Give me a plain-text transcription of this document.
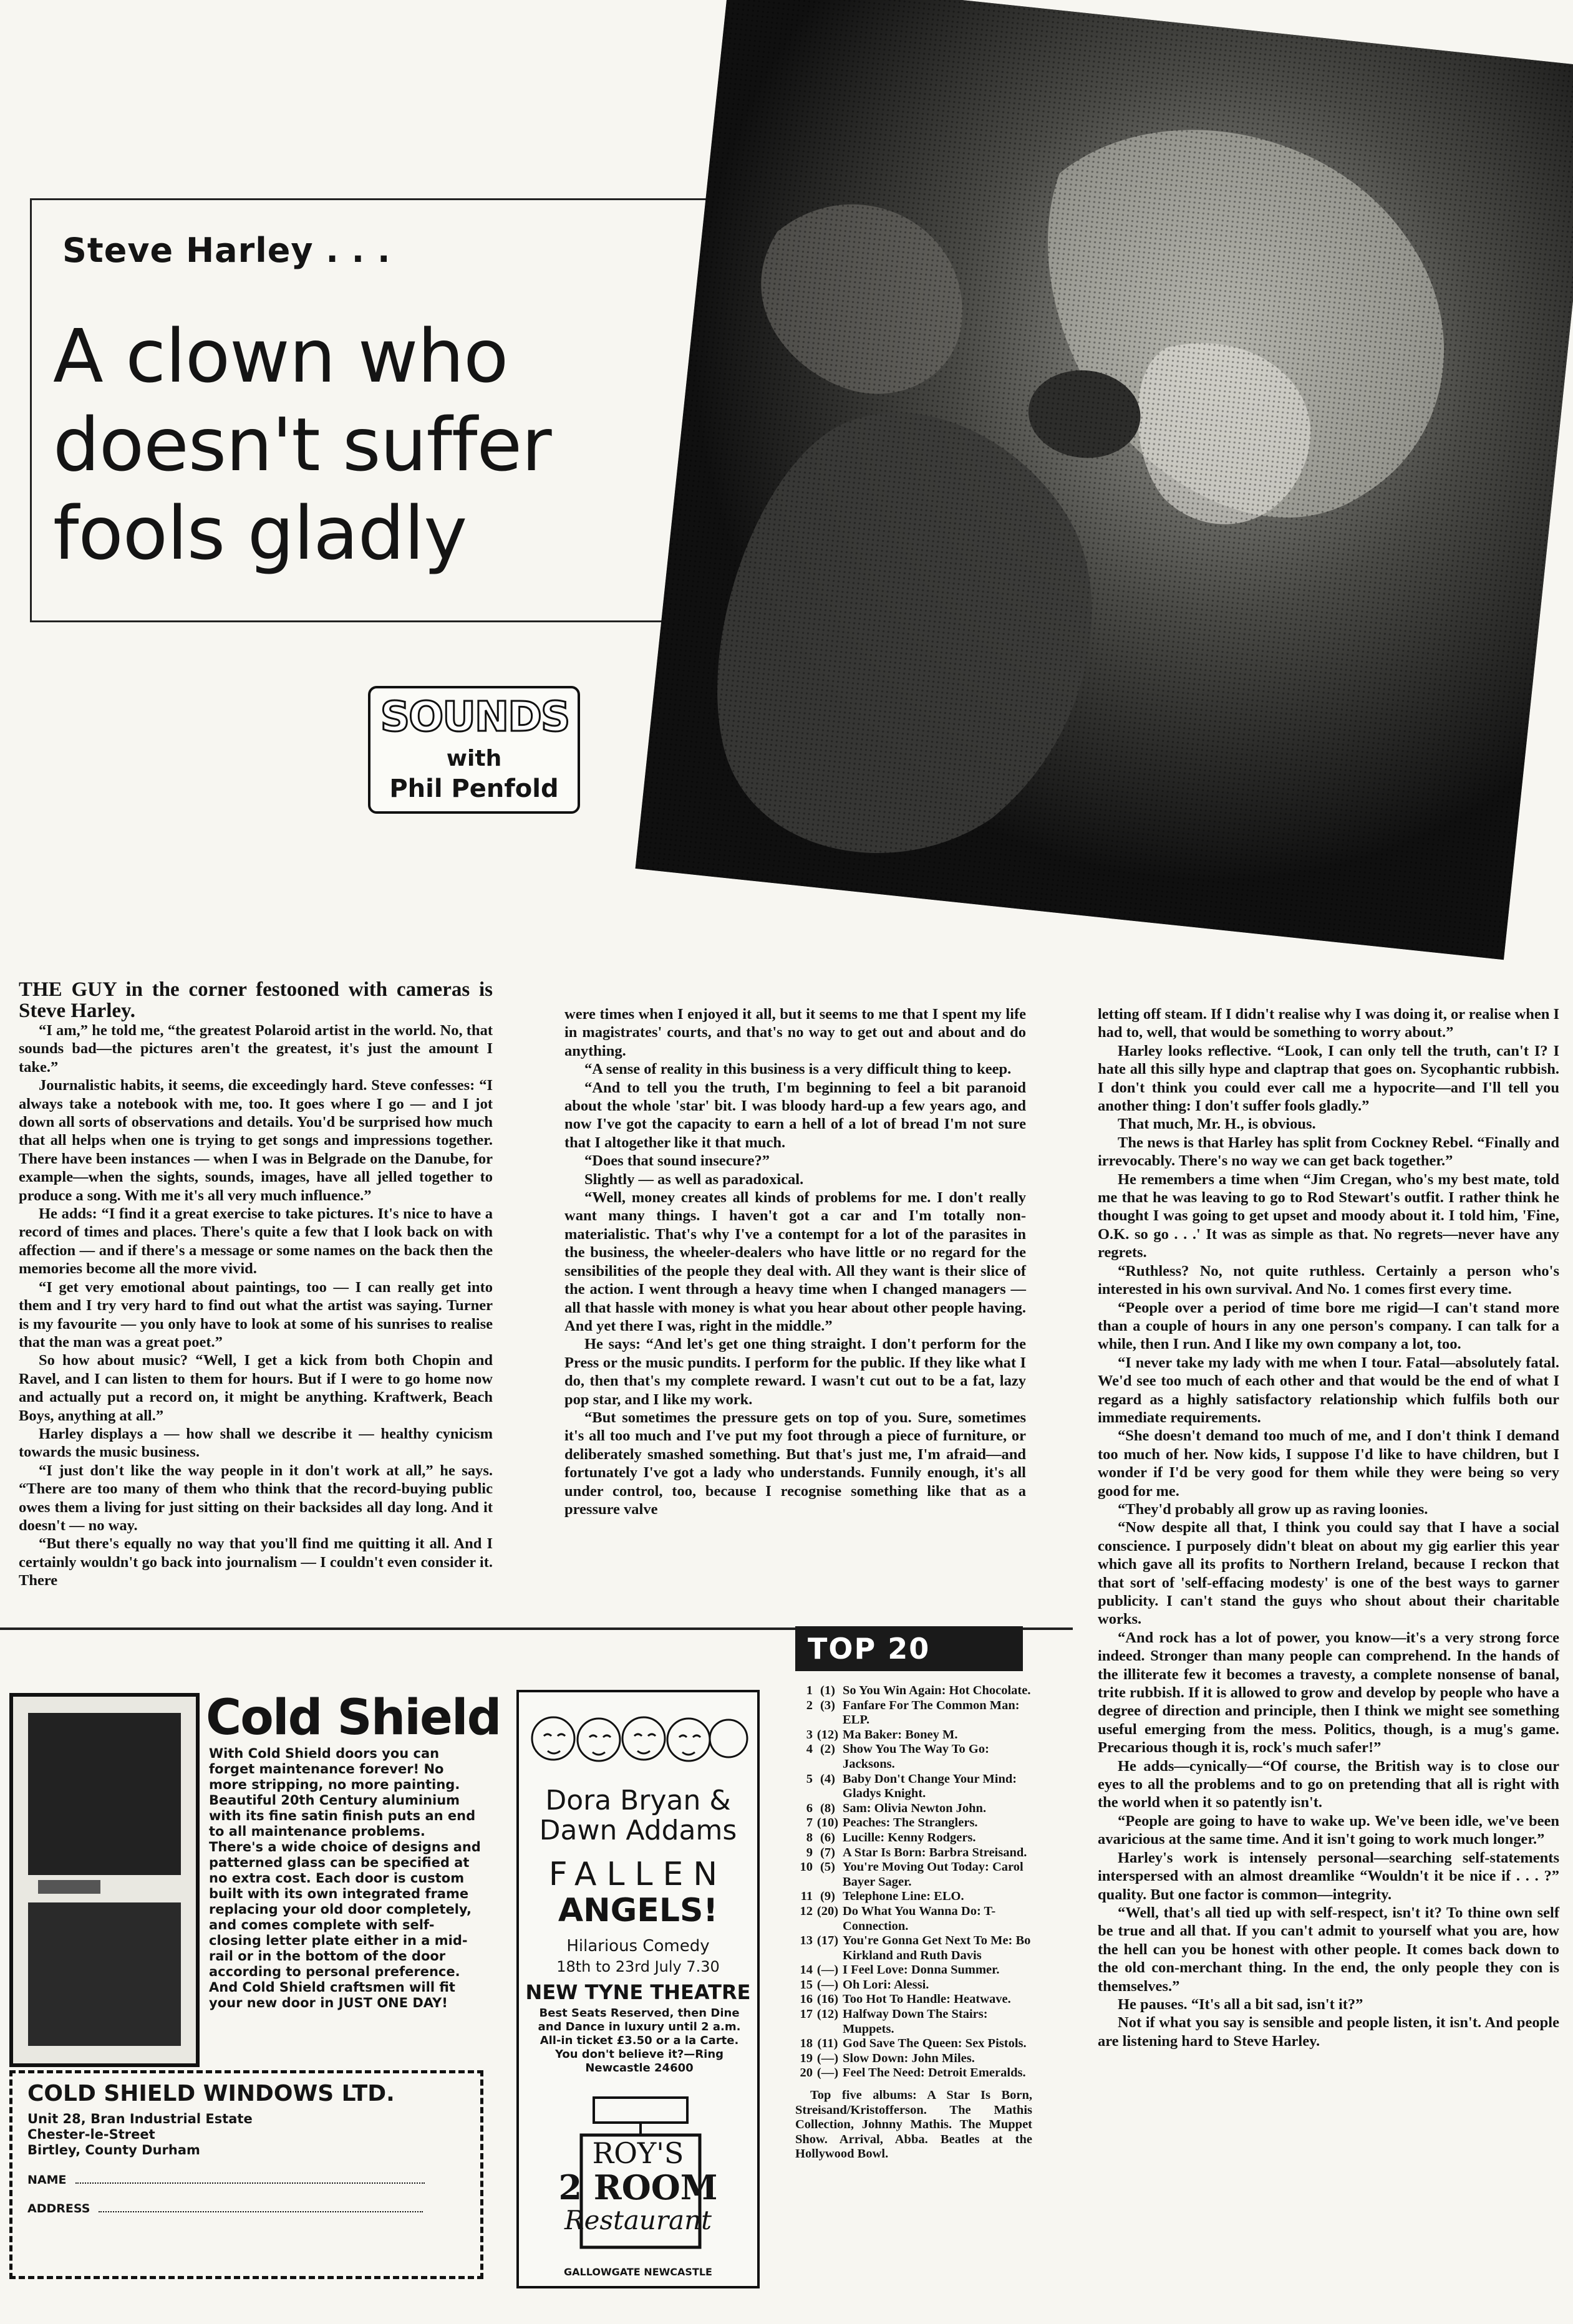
Steve Harley . . .
A clown who
doesn't suffer
fools gladly
SOUNDS
with
Phil Penfold
THE GUY in the corner festooned with cameras is Steve Harley.

“I am,” he told me, “the greatest Polaroid artist in the world. No, that sounds bad—the pictures aren't the greatest, it's just the amount I take.”

Journalistic habits, it seems, die exceedingly hard. Steve confesses: “I always take a notebook with me, too. It goes where I go — and I jot down all sorts of observations and details. You'd be surprised how much that all helps when one is trying to get songs and impressions together. There have been instances — when I was in Belgrade on the Danube, for example—when the sights, sounds, images, have all jelled together to produce a song. With me it's all very much influence.”

He adds: “I find it a great exercise to take pictures. It's nice to have a record of times and places. There's quite a few that I look back on with affection — and if there's a message or some names on the back then the memories become all the more vivid.

“I get very emotional about paintings, too — I can really get into them and I try very hard to find out what the artist was saying. Turner is my favourite — you only have to look at some of his sunrises to realise that the man was a great poet.”

So how about music? “Well, I get a kick from both Chopin and Ravel, and I can listen to them for hours. But if I were to go home now and actually put a record on, it might be anything. Kraftwerk, Beach Boys, anything at all.”

Harley displays a — how shall we describe it — healthy cynicism towards the music business.

“I just don't like the way people in it don't work at all,” he says. “There are too many of them who think that the record-buying public owes them a living for just sitting on their backsides all day long. And it doesn't — no way.

“But there's equally no way that you'll find me quitting it all. And I certainly wouldn't go back into journalism — I couldn't even consider it. There

were times when I enjoyed it all, but it seems to me that I spent my life in magistrates' courts, and that's no way to get out and about and do anything.

“A sense of reality in this business is a very difficult thing to keep.

“And to tell you the truth, I'm beginning to feel a bit paranoid about the whole 'star' bit. I was bloody hard-up a few years ago, and now I've got the capacity to earn a hell of a lot of bread I'm not sure that I altogether like it that much.

“Does that sound insecure?”

Slightly — as well as paradoxical.

“Well, money creates all kinds of problems for me. I don't really want many things. I haven't got a car and I'm totally non-materialistic. That's why I've a contempt for a lot of the parasites in the business, the wheeler-dealers who have little or no regard for the sensibilities of the people they deal with. All they want is their slice of the action. I went through a heavy time when I changed managers — all that hassle with money is what you hear about other people having. And yet there I was, right in the middle.”

He says: “And let's get one thing straight. I don't perform for the Press or the music pundits. I perform for the public. If they like what I do, then that's my complete reward. I wasn't cut out to be a fat, lazy pop star, and I like my work.

“But sometimes the pressure gets on top of you. Sure, sometimes it's all too much and I've put my foot through a piece of furniture, or deliberately smashed something. But that's just me, I'm afraid—and fortunately I've got a lady who understands. Funnily enough, it's all under control, too, because I recognise something like that as a pressure valve

letting off steam. If I didn't realise why I was doing it, or realise when I had to, well, that would be something to worry about.”

Harley looks reflective. “Look, I can only tell the truth, can't I? I hate all this silly hype and claptrap that goes on. Sycophantic rubbish. I don't think you could ever call me a hypocrite—and I'll tell you another thing: I don't suffer fools gladly.”

That much, Mr. H., is obvious.

The news is that Harley has split from Cockney Rebel. “Finally and irrevocably. There's no way we can get back together.”

He remembers a time when “Jim Cregan, who's my best mate, told me that he was leaving to go to Rod Stewart's outfit. I rather think he thought I was going to get upset and moody about it. I told him, 'Fine, O.K. so go . . .' It was as simple as that. No regrets—never have any regrets.

“Ruthless? No, not quite ruthless. Certainly a person who's interested in his own survival. And No. 1 comes first every time.

“People over a period of time bore me rigid—I can't stand more than a couple of hours in any one person's company. I can talk for a while, then I run. And I like my own company a lot, too.

“I never take my lady with me when I tour. Fatal—absolutely fatal. We'd see too much of each other and that would be the end of what I regard as a highly satisfactory relationship which fulfils both our immediate requirements.

“She doesn't demand too much of me, and I don't think I demand too much of her. Now kids, I suppose I'd like to have children, but I wonder if I'd be very good for them while they were being so very good for me.

“They'd probably all grow up as raving loonies.

“Now despite all that, I think you could say that I have a social conscience. I purposely didn't bleat on about my gig earlier this year which gave all its profits to Northern Ireland, because I reckon that that sort of 'self-effacing modesty' is one of the best ways to garner publicity. I can't stand the guys who shout about their charitable works.

“And rock has a lot of power, you know—it's a very strong force indeed. Stronger than many people can comprehend. In the hands of the illiterate few it becomes a travesty, a complete nonsense of banal, trite rubbish. If it is allowed to grow and develop by people who have a degree of direction and principle, then I think we might see something useful emerging from the mess. Politics, though, is a mug's game. Precarious though it is, rock's much safer!”

He adds—cynically—“Of course, the British way is to close our eyes to all the problems and to go on pretending that all is right with the world when it so patently isn't.

“People are going to have to wake up. We've been idle, we've been avaricious at the same time. And it isn't going to work much longer.”

Harley's work is intensely personal—searching self-statements interspersed with an almost dreamlike “Wouldn't it be nice if . . . ?” quality. But one factor is common—integrity.

“Well, that's all tied up with self-respect, isn't it? To thine own self be true and all that. If you can't admit to yourself what you are, how the hell can you be honest with other people. It comes back down to the old con-merchant thing. In the end, the only people they con is themselves.”

He pauses. “It's all a bit sad, isn't it?”

Not if what you say is sensible and people listen, it isn't. And people are listening hard to Steve Harley.

Cold Shield
With Cold Shield doors you can forget maintenance forever! No more stripping, no more painting. Beautiful 20th Century aluminium with its fine satin finish puts an end to all maintenance problems. There's a wide choice of designs and patterned glass can be specified at no extra cost. Each door is custom built with its own integrated frame replacing your old door completely, and comes complete with self-closing letter plate either in a mid-rail or in the bottom of the door according to personal preference. And Cold Shield craftsmen will fit your new door in JUST ONE DAY!
COLD SHIELD WINDOWS LTD.
Unit 28, Bran Industrial Estate
Chester-le-Street
Birtley, County Durham
NAME
ADDRESS
Dora Bryan &
Dawn Addams
FALLEN
ANGELS!
Hilarious Comedy
18th to 23rd July 7.30
NEW TYNE THEATRE
Best Seats Reserved, then Dine and Dance in luxury until 2 a.m. All-in ticket £3.50 or a la Carte. You don't believe it?—Ring Newcastle 24600
ROY'S
2 ROOM
Restaurant
GALLOWGATE NEWCASTLE
TOP 20
1 (1) So You Win Again: Hot Chocolate.
2 (3) Fanfare For The Common Man: ELP.
3 (12) Ma Baker: Boney M.
4 (2) Show You The Way To Go: Jacksons.
5 (4) Baby Don't Change Your Mind: Gladys Knight.
6 (8) Sam: Olivia Newton John.
7 (10) Peaches: The Stranglers.
8 (6) Lucille: Kenny Rodgers.
9 (7) A Star Is Born: Barbra Streisand.
10 (5) You're Moving Out Today: Carol Bayer Sager.
11 (9) Telephone Line: ELO.
12 (20) Do What You Wanna Do: T-Connection.
13 (17) You're Gonna Get Next To Me: Bo Kirkland and Ruth Davis
14 (—) I Feel Love: Donna Summer.
15 (—) Oh Lori: Alessi.
16 (16) Too Hot To Handle: Heatwave.
17 (12) Halfway Down The Stairs: Muppets.
18 (11) God Save The Queen: Sex Pistols.
19 (—) Slow Down: John Miles.
20 (—) Feel The Need: Detroit Emeralds.
Top five albums: A Star Is Born, Streisand/Kristofferson. The Mathis Collection, Johnny Mathis. The Muppet Show. Arrival, Abba. Beatles at the Hollywood Bowl.
